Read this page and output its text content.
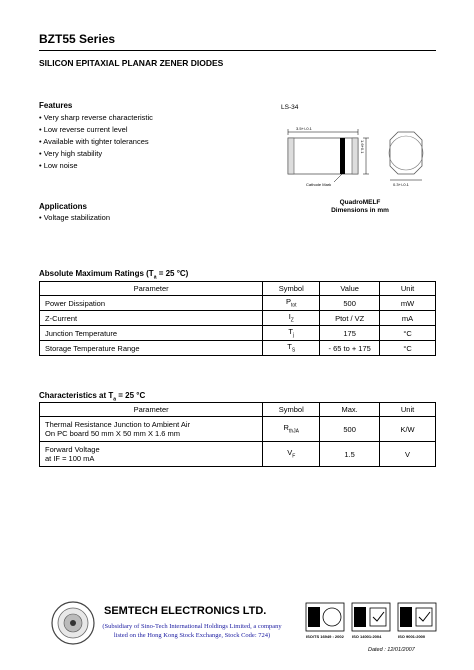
BZT55 Series
SILICON EPITAXIAL PLANAR ZENER DIODES
Features
• Very sharp reverse characteristic
• Low reverse current level
• Available with tighter tolerances
• Very high stability
• Low noise
Applications
• Voltage stabilization
LS-34
3.5+/-0.1
1.6+0.1
Cathode Mark	0.3+/-0.1
QuadroMELF
Dimensions in mm
Absolute Maximum Ratings ($T_a = 25$ °C)
Parameter	Symbol	Value	Unit
Power Dissipation	$P_{tot}$	500	mW
Z-Current	$I_Z$	Ptot / VZ	mA
Junction Temperature	$T_j$	175	°C
Storage Temperature Range	$T_S$	- 65 to + 175	°C
Characteristics at $T_a = 25$ °C
Parameter	Symbol	Max.	Unit

Thermal Resistance Junction to Ambient Air
On PC board 50 mm X 50 mm X 1.6 mm	$R_{thJA}$	500	K/W

Forward Voltage
at IF = 100 mA	$V_F$	1.5	V
SEMTECH ELECTRONICS LTD.
(Subsidiary of Sino-Tech International Holdings Limited, a company
listed on the Hong Kong Stock Exchange, Stock Code: 724)	ISO/TS 16949 : 2002	ISO 14001:2004	ISO 9001:2000
Dated : 12/01/2007
